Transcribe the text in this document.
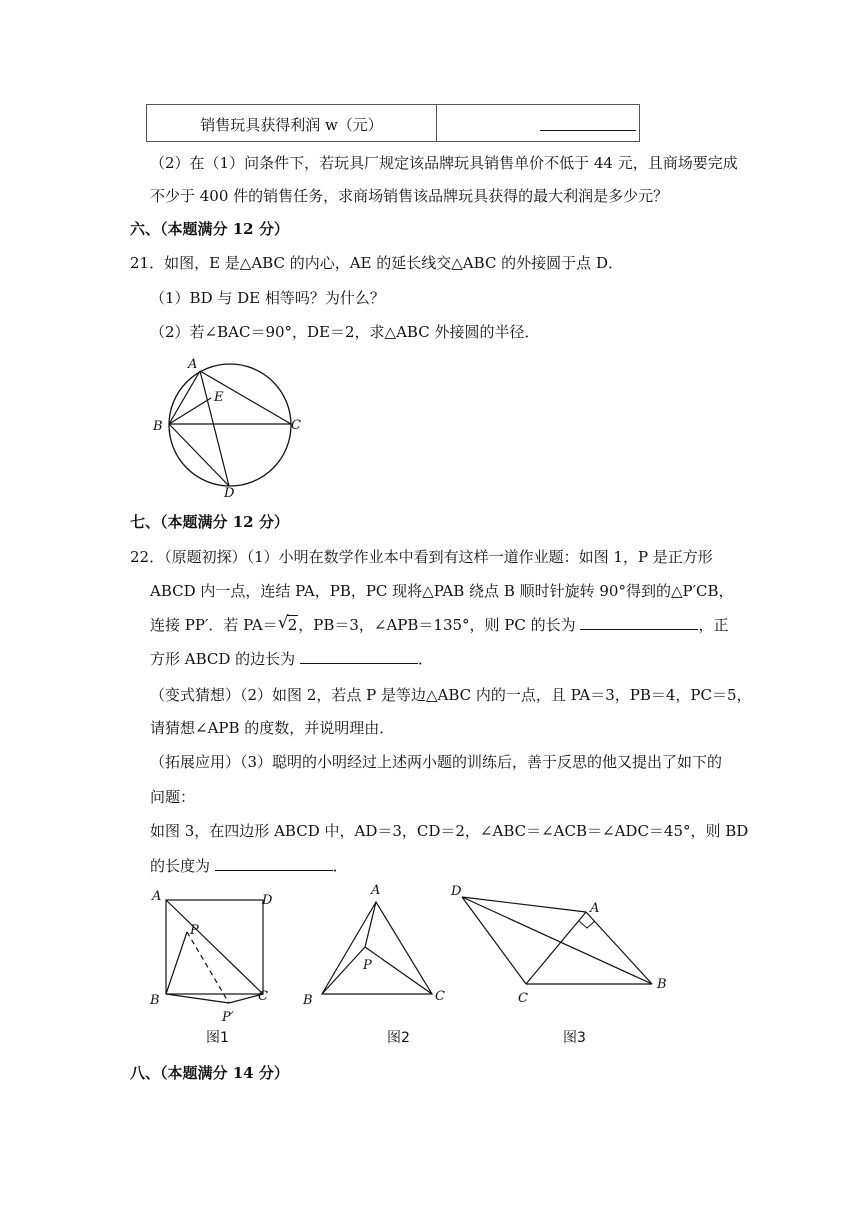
销售玩具获得利润 w（元）
（2）在（1）问条件下，若玩具厂规定该品牌玩具销售单价不低于 44 元，且商场要完成
不少于 400 件的销售任务，求商场销售该品牌玩具获得的最大利润是多少元？
六、（本题满分 12 分）
21．如图，E 是△ABC 的内心，AE 的延长线交△ABC 的外接圆于点 D．
（1）BD 与 DE 相等吗？为什么？
（2）若∠BAC＝90°，DE＝2，求△ABC 外接圆的半径．
A
E
B	C
D
七、（本题满分 12 分）
22．（原题初探）（1）小明在数学作业本中看到有这样一道作业题：如图 1，P 是正方形
ABCD 内一点，连结 PA，PB，PC 现将△PAB 绕点 B 顺时针旋转 90°得到的△P′CB，
连接 PP′．若 PA＝ √ 2，PB＝3，∠APB＝135°，则 PC 的长为	，正
方形 ABCD 的边长为	．
（变式猜想）（2）如图 2，若点 P 是等边△ABC 内的一点，且 PA＝3，PB＝4，PC＝5，
请猜想∠APB 的度数，并说明理由．
（拓展应用）（3）聪明的小明经过上述两小题的训练后，善于反思的他又提出了如下的
问题：
如图 3，在四边形 ABCD 中，AD＝3，CD＝2，∠ABC＝∠ACB＝∠ADC＝45°，则 BD
的长度为	．
A	D
P
B	C
P′
图1
A
P
B	C
图2
D
A
C
B
图3
八、（本题满分 14 分）
